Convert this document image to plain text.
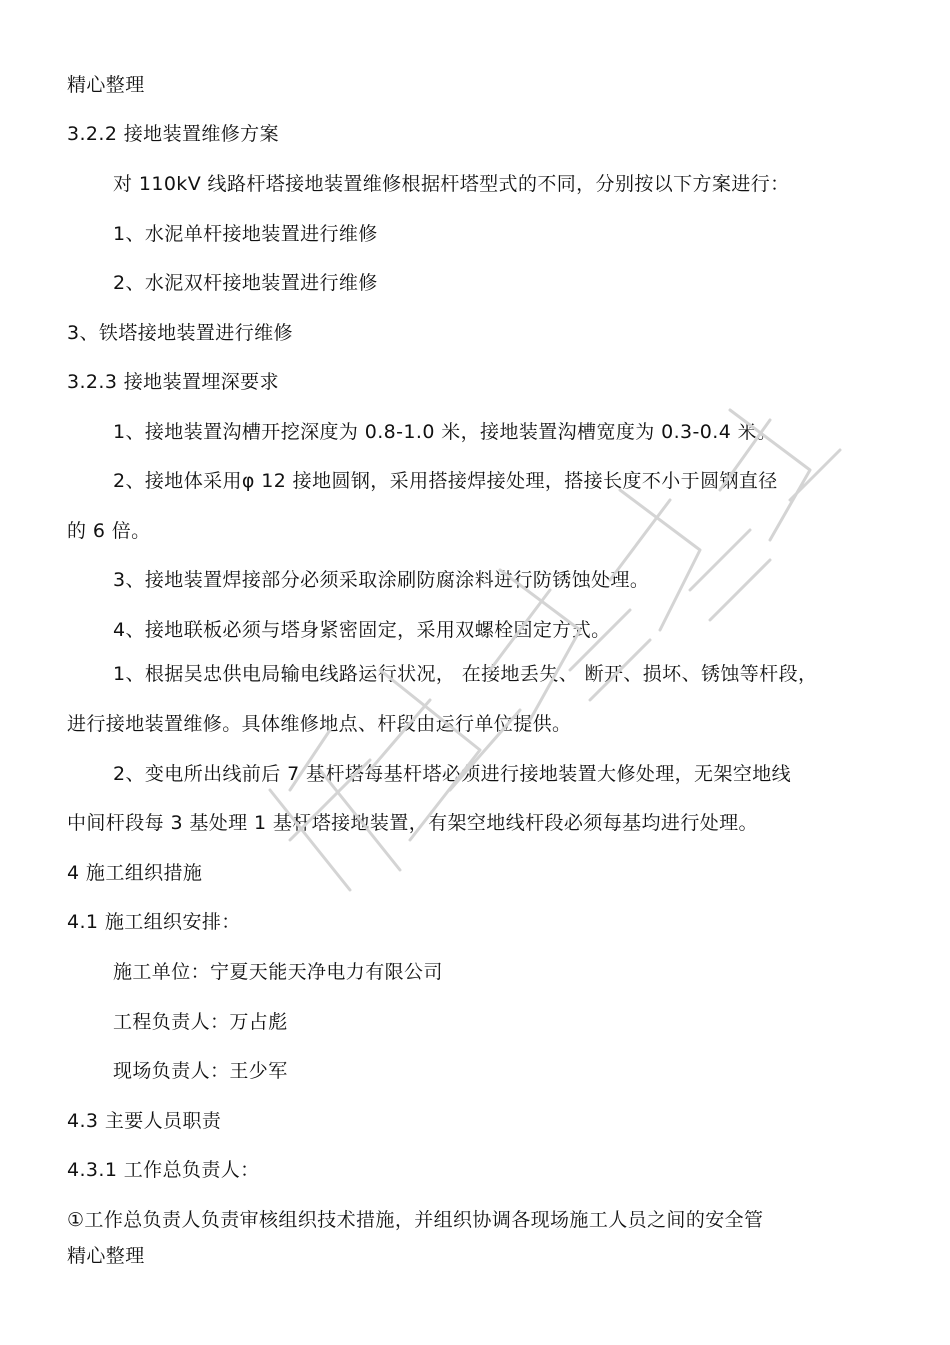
精心整理
3.2.2 接地装置维修方案
对 110kV 线路杆塔接地装置维修根据杆塔型式的不同，分别按以下方案进行：
1、水泥单杆接地装置进行维修
2、水泥双杆接地装置进行维修
3、铁塔接地装置进行维修
3.2.3 接地装置埋深要求
1、接地装置沟槽开挖深度为 0.8-1.0 米，接地装置沟槽宽度为 0.3-0.4 米。
2、接地体采用φ 12 接地圆钢，采用搭接焊接处理，搭接长度不小于圆钢直径
的 6 倍。
3、接地装置焊接部分必须采取涂刷防腐涂料进行防锈蚀处理。
4、接地联板必须与塔身紧密固定，采用双螺栓固定方式。
1、根据吴忠供电局输电线路运行状况， 在接地丢失、 断开、损坏、锈蚀等杆段，
进行接地装置维修。具体维修地点、杆段由运行单位提供。
2、变电所出线前后 7 基杆塔每基杆塔必须进行接地装置大修处理，无架空地线
中间杆段每 3 基处理 1 基杆塔接地装置，有架空地线杆段必须每基均进行处理。
4 施工组织措施
4.1 施工组织安排：
施工单位：宁夏天能天净电力有限公司
工程负责人：万占彪
现场负责人：王少军
4.3 主要人员职责
4.3.1 工作总负责人：
①工作总负责人负责审核组织技术措施，并组织协调各现场施工人员之间的安全管
精心整理
